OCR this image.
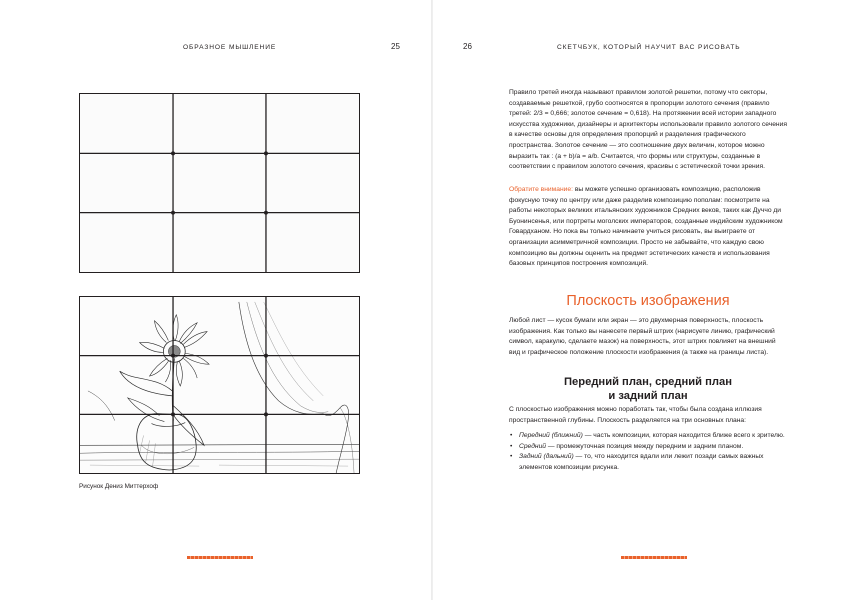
ОБРАЗНОЕ МЫШЛЕНИЕ	25
Рисунок Дениз Миттерхоф
26	СКЕТЧБУК, КОТОРЫЙ НАУЧИТ ВАС РИСОВАТЬ

Правило третей иногда называют правилом золотой решетки, потому что секторы, создаваемые решеткой, грубо соотносятся в пропорции золотого сечения (правило третей: 2/3 = 0,666; золотое сечение = 0,618). На протяжении всей истории западного искусства художники, дизайнеры и архитекторы использовали правило золотого сечения в качестве основы для определения пропорций и разделения графического пространства. Золотое сечение — это соотношение двух величин, которое можно выразить так : (a + b)/a = a/b. Считается, что формы или структуры, созданные в соответствии с правилом золотого сечения, красивы с эстетической точки зрения.

Обратите внимание: вы можете успешно организовать композицию, расположив фокусную точку по центру или даже разделив композицию пополам: посмотрите на работы некоторых великих итальянских художников Средних веков, таких как Дуччо ди Буонинсенья, или портреты моголских императоров, созданные индийским художником Говардханом. Но пока вы только начинаете учиться рисовать, вы выиграете от организации асимметричной композиции. Просто не забывайте, что каждую свою композицию вы должны оценить на предмет эстетических качеств и использования базовых принципов построения композиций.

Плоскость изображения

Любой лист — кусок бумаги или экран — это двухмерная поверхность, плоскость изображения. Как только вы нанесете первый штрих (нарисуете линию, графический символ, каракулю, сделаете мазок) на поверхность, этот штрих повлияет на внешний вид и графическое положение плоскости изображения (а также на границы листа).

Передний план, средний план
и задний план

С плоскостью изображения можно поработать так, чтобы была создана иллюзия пространственной глубины. Плоскость разделяется на три основных плана:

• Передний (ближний) — часть композиции, которая находится ближе всего к зрителю.
• Средний — промежуточная позиция между передним и задним планом.
• Задний (дальний) — то, что находится вдали или лежит позади самых важных элементов композиции рисунка.
